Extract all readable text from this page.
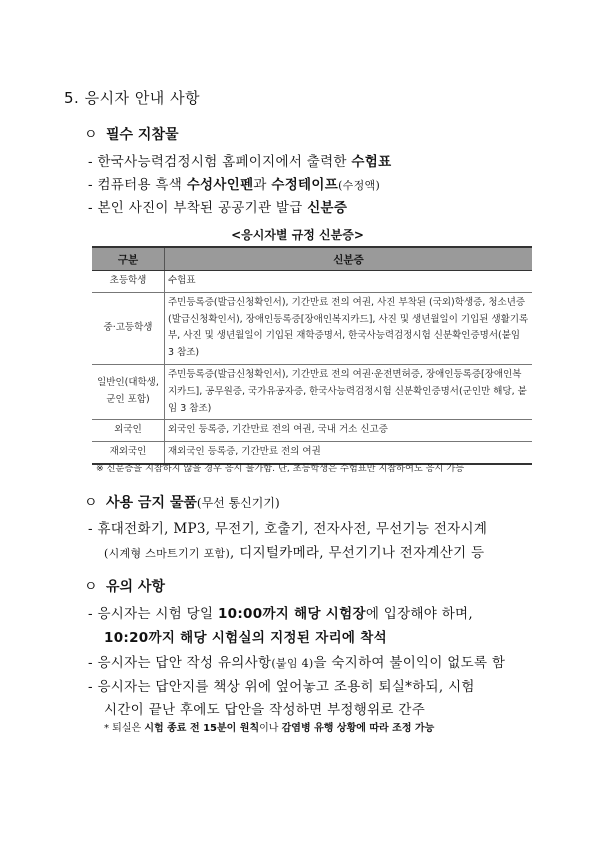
5. 응시자 안내 사항
ㅇ 필수 지참물
- 한국사능력검정시험 홈페이지에서 출력한 수험표
- 컴퓨터용 흑색 수성사인펜과 수정테이프(수정액)
- 본인 사진이 부착된 공공기관 발급 신분증
<응시자별 규정 신분증>
구분	신분증
초등학생	수험표
중·고등학생	주민등록증(발급신청확인서), 기간만료 전의 여권, 사진 부착된 (국외)학생증, 청소년증(발급신청확인서), 장애인등록증[장애인복지카드], 사진 및 생년월일이 기입된 생활기록부, 사진 및 생년월일이 기입된 재학증명서, 한국사능력검정시험 신분확인증명서(붙임 3 참조)
일반인(대학생, 군인 포함)	주민등록증(발급신청확인서), 기간만료 전의 여권·운전면허증, 장애인등록증[장애인복지카드], 공무원증, 국가유공자증, 한국사능력검정시험 신분확인증명서(군인만 해당, 붙임 3 참조)
외국인	외국인 등록증, 기간만료 전의 여권, 국내 거소 신고증
재외국인	재외국인 등록증, 기간만료 전의 여권
※ 신분증을 지참하지 않을 경우 응시 불가함. 단, 초등학생은 수험표만 지참하여도 응시 가능
ㅇ 사용 금지 물품(무선 통신기기)
- 휴대전화기, MP3, 무전기, 호출기, 전자사전, 무선기능 전자시계
(시계형 스마트기기 포함), 디지털카메라, 무선기기나 전자계산기 등
ㅇ 유의 사항
- 응시자는 시험 당일 10:00까지 해당 시험장에 입장해야 하며,
10:20까지 해당 시험실의 지정된 자리에 착석
- 응시자는 답안 작성 유의사항(붙임 4)을 숙지하여 불이익이 없도록 함
- 응시자는 답안지를 책상 위에 엎어놓고 조용히 퇴실*하되, 시험
시간이 끝난 후에도 답안을 작성하면 부정행위로 간주
* 퇴실은 시험 종료 전 15분이 원칙이나 감염병 유행 상황에 따라 조정 가능
